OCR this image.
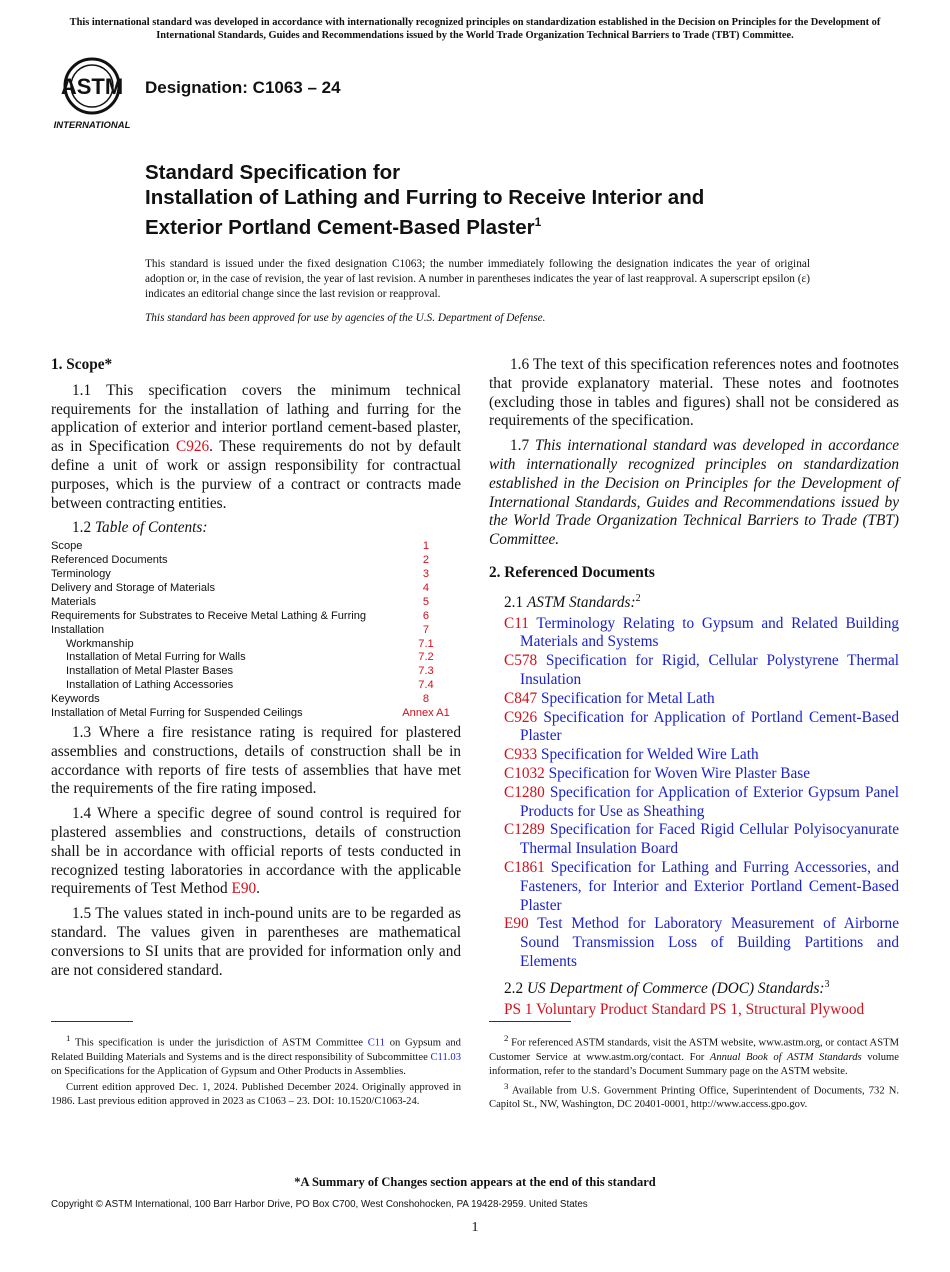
This international standard was developed in accordance with internationally recognized principles on standardization established in the Decision on Principles for the Development of International Standards, Guides and Recommendations issued by the World Trade Organization Technical Barriers to Trade (TBT) Committee.
ASTM
INTERNATIONAL
Designation: C1063 – 24
Standard Specification for
Installation of Lathing and Furring to Receive Interior and
Exterior Portland Cement-Based Plaster$^1$
This standard is issued under the fixed designation C1063; the number immediately following the designation indicates the year of original adoption or, in the case of revision, the year of last revision. A number in parentheses indicates the year of last reapproval. A superscript epsilon (ε) indicates an editorial change since the last revision or reapproval.
This standard has been approved for use by agencies of the U.S. Department of Defense.
1. Scope*

1.1 This specification covers the minimum technical requirements for the installation of lathing and furring for the application of exterior and interior portland cement-based plaster, as in Specification C926. These requirements do not by default define a unit of work or assign responsibility for contractual purposes, which is the purview of a contract or contracts made between contracting entities.

1.2 Table of Contents:

Scope	1
Referenced Documents	2
Terminology	3
Delivery and Storage of Materials	4
Materials	5
Requirements for Substrates to Receive Metal Lathing & Furring	6
Installation	7
Workmanship	7.1
Installation of Metal Furring for Walls	7.2
Installation of Metal Plaster Bases	7.3
Installation of Lathing Accessories	7.4
Keywords	8
Installation of Metal Furring for Suspended Ceilings	Annex A1

1.3 Where a fire resistance rating is required for plastered assemblies and constructions, details of construction shall be in accordance with reports of fire tests of assemblies that have met the requirements of the fire rating imposed.

1.4 Where a specific degree of sound control is required for plastered assemblies and constructions, details of construction shall be in accordance with official reports of tests conducted in recognized testing laboratories in accordance with the applicable requirements of Test Method E90.

1.5 The values stated in inch-pound units are to be regarded as standard. The values given in parentheses are mathematical conversions to SI units that are provided for information only and are not considered standard.

1.6 The text of this specification references notes and footnotes that provide explanatory material. These notes and footnotes (excluding those in tables and figures) shall not be considered as requirements of the specification.

1.7 This international standard was developed in accordance with internationally recognized principles on standardization established in the Decision on Principles for the Development of International Standards, Guides and Recommendations issued by the World Trade Organization Technical Barriers to Trade (TBT) Committee.

2. Referenced Documents
2.1 ASTM Standards:$^2$
C11 Terminology Relating to Gypsum and Related Building Materials and Systems
C578 Specification for Rigid, Cellular Polystyrene Thermal Insulation
C847 Specification for Metal Lath
C926 Specification for Application of Portland Cement-Based Plaster
C933 Specification for Welded Wire Lath
C1032 Specification for Woven Wire Plaster Base
C1280 Specification for Application of Exterior Gypsum Panel Products for Use as Sheathing
C1289 Specification for Faced Rigid Cellular Polyisocyanurate Thermal Insulation Board
C1861 Specification for Lathing and Furring Accessories, and Fasteners, for Interior and Exterior Portland Cement-Based Plaster
E90 Test Method for Laboratory Measurement of Airborne Sound Transmission Loss of Building Partitions and Elements
2.2 US Department of Commerce (DOC) Standards:$^3$
PS 1 Voluntary Product Standard PS 1, Structural Plywood

$^1$ This specification is under the jurisdiction of ASTM Committee C11 on Gypsum and Related Building Materials and Systems and is the direct responsibility of Subcommittee C11.03 on Specifications for the Application of Gypsum and Other Products in Assemblies.

Current edition approved Dec. 1, 2024. Published December 2024. Originally approved in 1986. Last previous edition approved in 2023 as C1063 – 23. DOI: 10.1520/C1063-24.

$^2$ For referenced ASTM standards, visit the ASTM website, www.astm.org, or contact ASTM Customer Service at www.astm.org/contact. For Annual Book of ASTM Standards volume information, refer to the standard’s Document Summary page on the ASTM website.

$^3$ Available from U.S. Government Printing Office, Superintendent of Documents, 732 N. Capitol St., NW, Washington, DC 20401-0001, http://www.access.gpo.gov.

*A Summary of Changes section appears at the end of this standard
Copyright © ASTM International, 100 Barr Harbor Drive, PO Box C700, West Conshohocken, PA 19428-2959. United States
1
